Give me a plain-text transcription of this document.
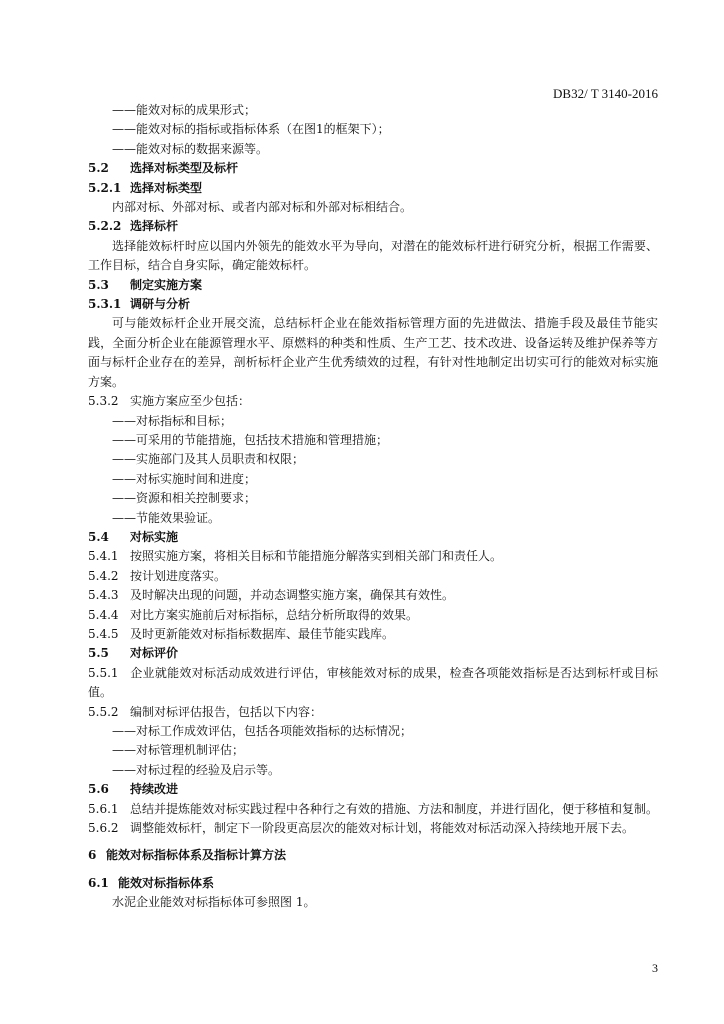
DB32/ T 3140-2016
——能效对标的成果形式；
——能效对标的指标或指标体系（在图1的框架下）；
——能效对标的数据来源等。
5.2 选择对标类型及标杆
5.2.1 选择对标类型
内部对标、外部对标、或者内部对标和外部对标相结合。
5.2.2 选择标杆
选择能效标杆时应以国内外领先的能效水平为导向，对潜在的能效标杆进行研究分析，根据工作需要、工作目标，结合自身实际，确定能效标杆。
5.3 制定实施方案
5.3.1 调研与分析
可与能效标杆企业开展交流，总结标杆企业在能效指标管理方面的先进做法、措施手段及最佳节能实践，全面分析企业在能源管理水平、原燃料的种类和性质、生产工艺、技术改进、设备运转及维护保养等方面与标杆企业存在的差异，剖析标杆企业产生优秀绩效的过程，有针对性地制定出切实可行的能效对标实施方案。
5.3.2 实施方案应至少包括：
——对标指标和目标；
——可采用的节能措施，包括技术措施和管理措施；
——实施部门及其人员职责和权限；
——对标实施时间和进度；
——资源和相关控制要求；
——节能效果验证。
5.4 对标实施
5.4.1 按照实施方案，将相关目标和节能措施分解落实到相关部门和责任人。
5.4.2 按计划进度落实。
5.4.3 及时解决出现的问题，并动态调整实施方案，确保其有效性。
5.4.4 对比方案实施前后对标指标，总结分析所取得的效果。
5.4.5 及时更新能效对标指标数据库、最佳节能实践库。
5.5 对标评价
5.5.1 企业就能效对标活动成效进行评估，审核能效对标的成果，检查各项能效指标是否达到标杆或目标值。
5.5.2 编制对标评估报告，包括以下内容：
——对标工作成效评估，包括各项能效指标的达标情况；
——对标管理机制评估；
——对标过程的经验及启示等。
5.6 持续改进
5.6.1 总结并提炼能效对标实践过程中各种行之有效的措施、方法和制度，并进行固化，便于移植和复制。
5.6.2 调整能效标杆，制定下一阶段更高层次的能效对标计划，将能效对标活动深入持续地开展下去。
6 能效对标指标体系及指标计算方法
6.1 能效对标指标体系
水泥企业能效对标指标体可参照图 1。
3
